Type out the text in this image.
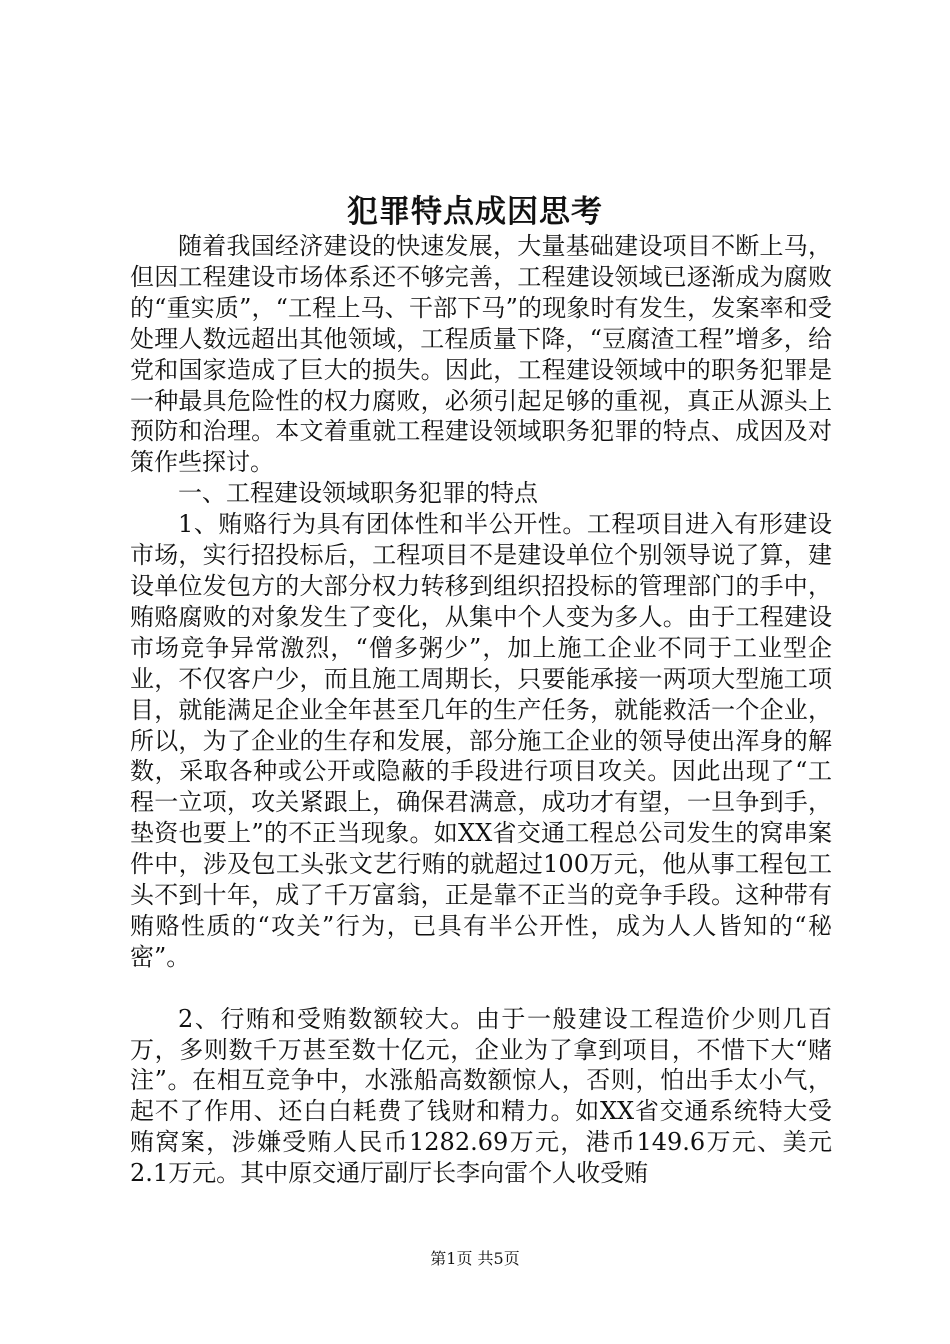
犯罪特点成因思考

随着我国经济建设的快速发展，大量基础建设项目不断上马，但因工程建设市场体系还不够完善，工程建设领域已逐渐成为腐败的“重实质”，“工程上马、干部下马”的现象时有发生，发案率和受处理人数远超出其他领域，工程质量下降，“豆腐渣工程”增多，给党和国家造成了巨大的损失。因此，工程建设领域中的职务犯罪是一种最具危险性的权力腐败，必须引起足够的重视，真正从源头上预防和治理。本文着重就工程建设领域职务犯罪的特点、成因及对策作些探讨。

一、工程建设领域职务犯罪的特点

1、贿赂行为具有团体性和半公开性。工程项目进入有形建设市场，实行招投标后，工程项目不是建设单位个别领导说了算，建设单位发包方的大部分权力转移到组织招投标的管理部门的手中，贿赂腐败的对象发生了变化，从集中个人变为多人。由于工程建设市场竞争异常激烈，“僧多粥少”，加上施工企业不同于工业型企业，不仅客户少，而且施工周期长，只要能承接一两项大型施工项目，就能满足企业全年甚至几年的生产任务，就能救活一个企业，所以，为了企业的生存和发展，部分施工企业的领导使出浑身的解数，采取各种或公开或隐蔽的手段进行项目攻关。因此出现了“工程一立项，攻关紧跟上，确保君满意，成功才有望，一旦争到手，垫资也要上”的不正当现象。如XX省交通工程总公司发生的窝串案件中，涉及包工头张文艺行贿的就超过100万元，他从事工程包工头不到十年，成了千万富翁，正是靠不正当的竞争手段。这种带有贿赂性质的“攻关”行为，已具有半公开性，成为人人皆知的“秘密”。

2、行贿和受贿数额较大。由于一般建设工程造价少则几百万，多则数千万甚至数十亿元，企业为了拿到项目，不惜下大“赌注”。在相互竞争中，水涨船高数额惊人，否则，怕出手太小气，起不了作用、还白白耗费了钱财和精力。如XX省交通系统特大受贿窝案，涉嫌受贿人民币1282.69万元，港币149.6万元、美元2.1万元。其中原交通厅副厅长李向雷个人收受贿

第1页 共5页
